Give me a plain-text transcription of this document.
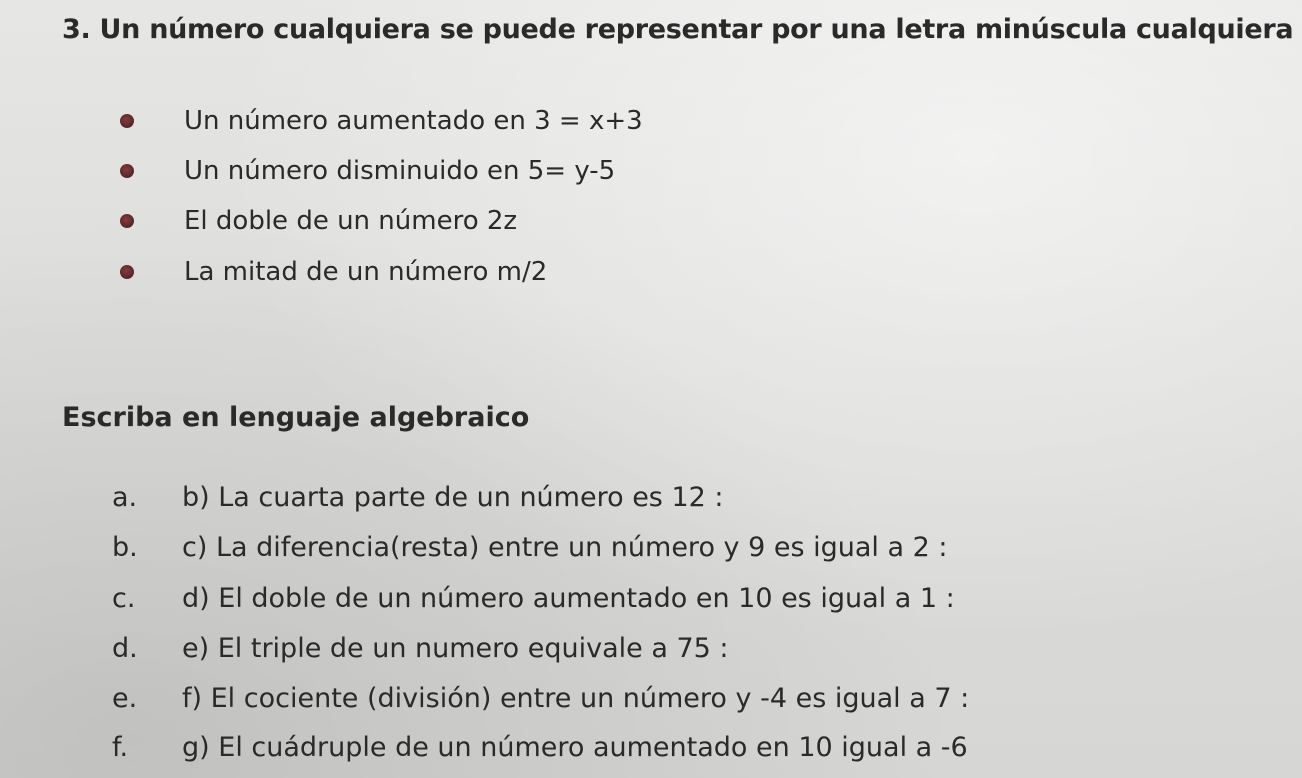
3. Un número cualquiera se puede representar por una letra minúscula cualquiera
Un número aumentado en 3 = x+3
Un número disminuido en 5= y-5
El doble de un número 2z
La mitad de un número m/2
Escriba en lenguaje algebraico
a.	b) La cuarta parte de un número es 12 :
b.	c) La diferencia(resta) entre un número y 9 es igual a 2 :
c.	d) El doble de un número aumentado en 10 es igual a 1 :
d.	e) El triple de un numero equivale a 75 :
e.	f) El cociente (división) entre un número y -4 es igual a 7 :
f.	g) El cuádruple de un número aumentado en 10 igual a -6
